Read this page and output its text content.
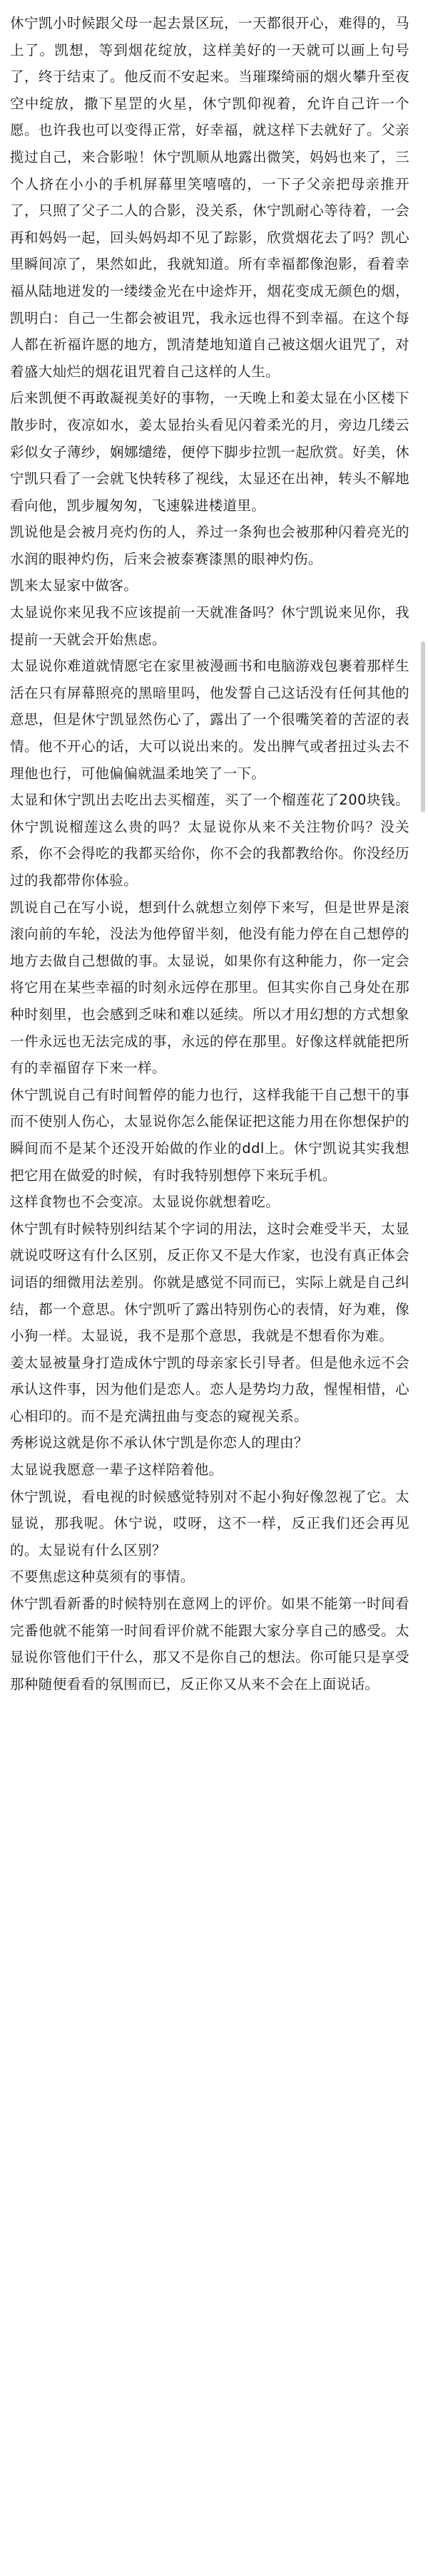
休宁凯小时候跟父母一起去景区玩，一天都很开心，难得的，马上了。凯想，等到烟花绽放，这样美好的一天就可以画上句号了，终于结束了。他反而不安起来。当璀璨绮丽的烟火攀升至夜空中绽放，撒下星罡的火星，休宁凯仰视着，允许自己许一个愿。也许我也可以变得正常，好幸福，就这样下去就好了。父亲揽过自己，来合影啦！休宁凯顺从地露出微笑，妈妈也来了，三个人挤在小小的手机屏幕里笑嘻嘻的，一下子父亲把母亲推开了，只照了父子二人的合影，没关系，休宁凯耐心等待着，一会再和妈妈一起，回头妈妈却不见了踪影，欣赏烟花去了吗？凯心里瞬间凉了，果然如此，我就知道。所有幸福都像泡影，看着幸福从陆地迸发的一缕缕金光在中途炸开，烟花变成无颜色的烟，凯明白：自己一生都会被诅咒，我永远也得不到幸福。在这个每人都在祈福许愿的地方，凯清楚地知道自己被这烟火诅咒了，对着盛大灿烂的烟花诅咒着自己这样的人生。

后来凯便不再敢凝视美好的事物，一天晚上和姜太显在小区楼下散步时，夜凉如水，姜太显抬头看见闪着柔光的月，旁边几缕云彩似女子薄纱，娴娜缱绻，便停下脚步拉凯一起欣赏。好美，休宁凯只看了一会就飞快转移了视线，太显还在出神，转头不解地看向他，凯步履匆匆，飞速躲进楼道里。

凯说他是会被月亮灼伤的人，养过一条狗也会被那种闪着亮光的水润的眼神灼伤，后来会被泰赛漆黑的眼神灼伤。

凯来太显家中做客。

太显说你来见我不应该提前一天就准备吗？休宁凯说来见你，我提前一天就会开始焦虑。

太显说你难道就情愿宅在家里被漫画书和电脑游戏包裹着那样生活在只有屏幕照亮的黑暗里吗，他发誓自己这话没有任何其他的意思，但是休宁凯显然伤心了，露出了一个很嘴笑着的苦涩的表情。他不开心的话，大可以说出来的。发出脾气或者扭过头去不理他也行，可他偏偏就温柔地笑了一下。

太显和休宁凯出去吃出去买榴莲，买了一个榴莲花了200块钱。休宁凯说榴莲这么贵的吗？太显说你从来不关注物价吗？没关系，你不会得吃的我都买给你，你不会的我都教给你。你没经历过的我都带你体验。

凯说自己在写小说，想到什么就想立刻停下来写，但是世界是滚滚向前的车轮，没法为他停留半刻，他没有能力停在自己想停的地方去做自己想做的事。太显说，如果你有这种能力，你一定会将它用在某些幸福的时刻永远停在那里。但其实你自己身处在那种时刻里，也会感到乏味和难以延续。所以才用幻想的方式想象一件永远也无法完成的事，永远的停在那里。好像这样就能把所有的幸福留存下来一样。

休宁凯说自己有时间暂停的能力也行，这样我能干自己想干的事而不使别人伤心，太显说你怎么能保证把这能力用在你想保护的瞬间而不是某个还没开始做的作业的ddl上。休宁凯说其实我想把它用在做爱的时候，有时我特别想停下来玩手机。

这样食物也不会变凉。太显说你就想着吃。

休宁凯有时候特别纠结某个字词的用法，这时会难受半天，太显就说哎呀这有什么区别，反正你又不是大作家，也没有真正体会词语的细微用法差别。你就是感觉不同而已，实际上就是自己纠结，都一个意思。休宁凯听了露出特别伤心的表情，好为难，像小狗一样。太显说，我不是那个意思，我就是不想看你为难。

姜太显被量身打造成休宁凯的母亲家长引导者。但是他永远不会承认这件事，因为他们是恋人。恋人是势均力敌，惺惺相惜，心心相印的。而不是充满扭曲与变态的窥视关系。

秀彬说这就是你不承认休宁凯是你恋人的理由？

太显说我愿意一辈子这样陪着他。

休宁凯说，看电视的时候感觉特别对不起小狗好像忽视了它。太显说，那我呢。休宁说，哎呀，这不一样，反正我们还会再见的。太显说有什么区别？

不要焦虑这种莫须有的事情。

休宁凯看新番的时候特别在意网上的评价。如果不能第一时间看完番他就不能第一时间看评价就不能跟大家分享自己的感受。太显说你管他们干什么，那又不是你自己的想法。你可能只是享受那种随便看看的氛围而已，反正你又从来不会在上面说话。
